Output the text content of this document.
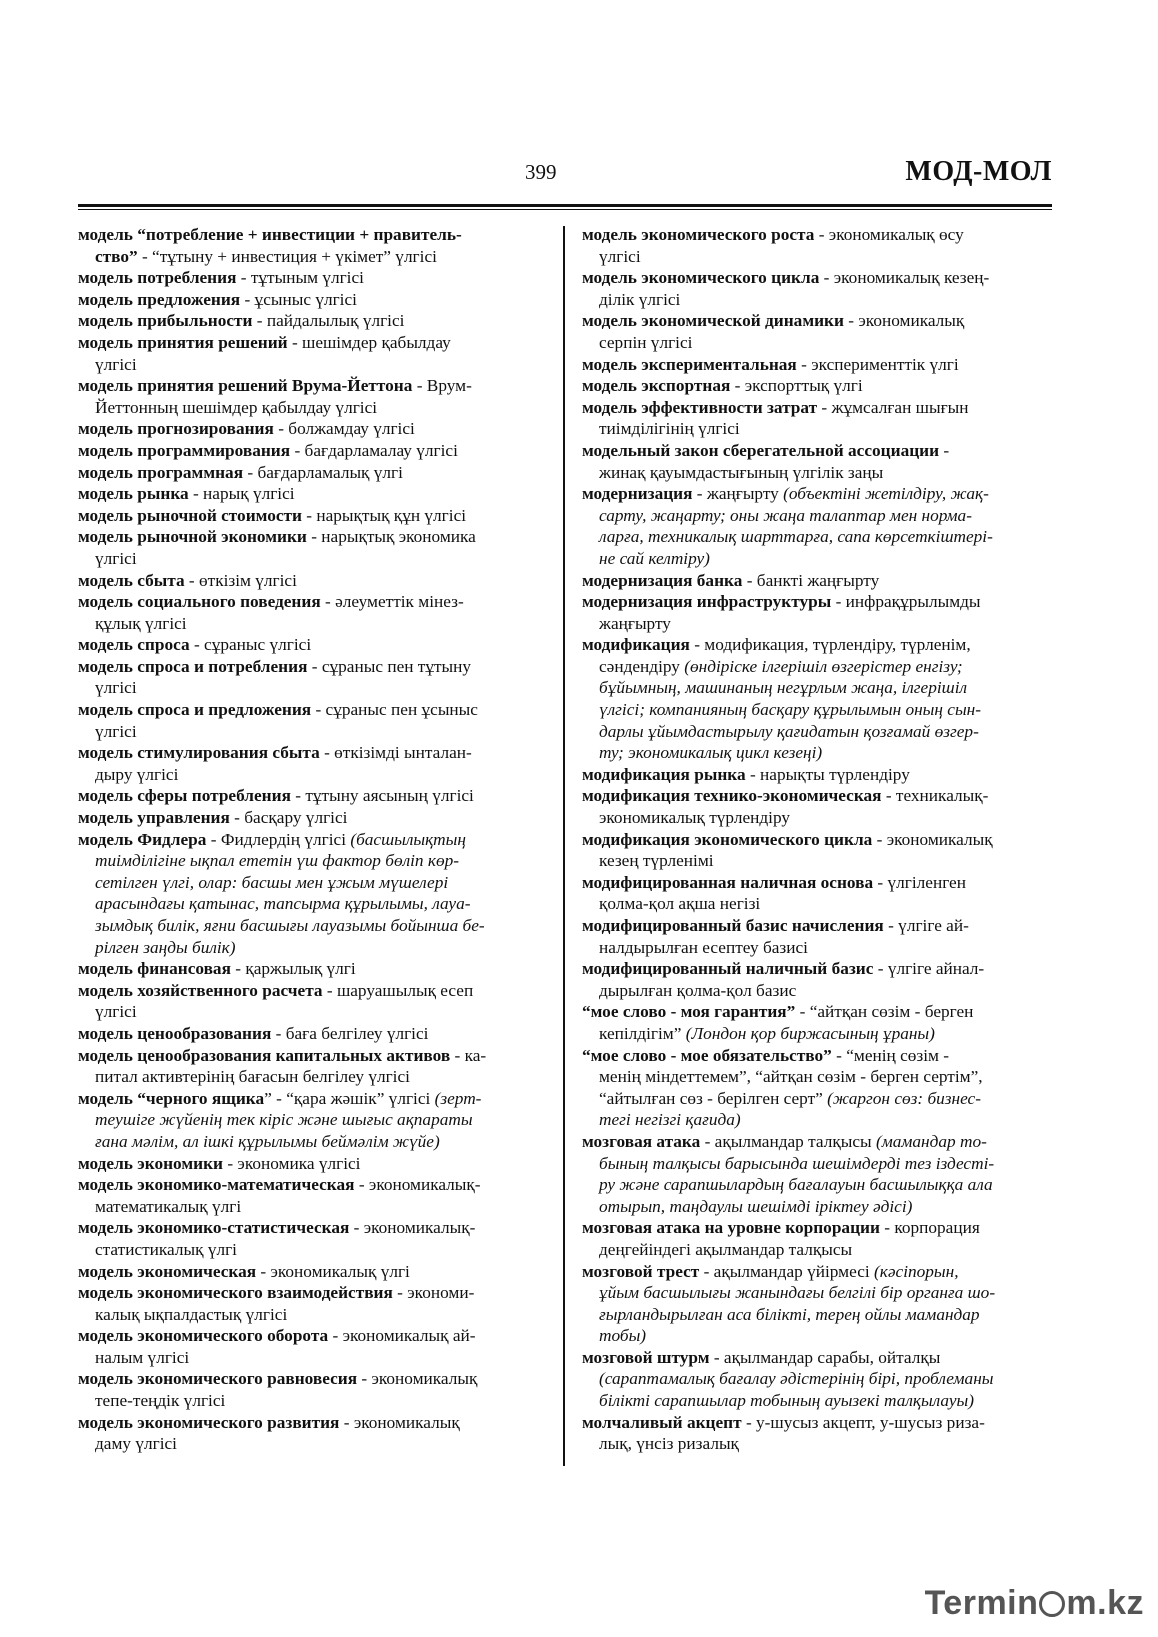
399	МОД-МОЛ
модель “потребление + инвестиции + правитель-
ство” - “тұтыну + инвестиция + үкімет” үлгісі
модель потребления - тұтыным үлгісі
модель предложения - ұсыныс үлгісі
модель прибыльности - пайдалылық үлгісі
модель принятия решений - шешімдер қабылдау
үлгісі
модель принятия решений Врума-Йеттона - Врум-
Йеттонның шешімдер қабылдау үлгісі
модель прогнозирования - болжамдау үлгісі
модель программирования - бағдарламалау үлгісі
модель программная - бағдарламалық үлгі
модель рынка - нарық үлгісі
модель рыночной стоимости - нарықтық құн үлгісі
модель рыночной экономики - нарықтық экономика
үлгісі
модель сбыта - өткізім үлгісі
модель социального поведения - әлеуметтік мінез-
құлық үлгісі
модель спроса - сұраныс үлгісі
модель спроса и потребления - сұраныс пен тұтыну
үлгісі
модель спроса и предложения - сұраныс пен ұсыныс
үлгісі
модель стимулирования сбыта - өткізімді ынталан-
дыру үлгісі
модель сферы потребления - тұтыну аясының үлгісі
модель управления - басқару үлгісі
модель Фидлера - Фидлердің үлгісі (басшылықтың
тиімділігіне ықпал ететін үш фактор бөліп көр-
сетілген үлгі, олар: басшы мен ұжым мүшелері
арасындағы қатынас, тапсырма құрылымы, лауа-
зымдық билік, яғни басшығы лауазымы бойынша бе-
рілген заңды билік)
модель финансовая - қаржылық үлгі
модель хозяйственного расчета - шаруашылық есеп
үлгісі
модель ценообразования - баға белгілеу үлгісі
модель ценообразования капитальных активов - ка-
питал активтерінің бағасын белгілеу үлгісі
модель “черного ящика” - “қара жәшік” үлгісі (зерт-
теушіге жүйенің тек кіріс және шығыс ақпараты
ғана мәлім, ал ішкі құрылымы беймәлім жүйе)
модель экономики - экономика үлгісі
модель экономико-математическая - экономикалық-
математикалық үлгі
модель экономико-статистическая - экономикалық-
статистикалық үлгі
модель экономическая - экономикалық үлгі
модель экономического взаимодействия - экономи-
калық ықпалдастық үлгісі
модель экономического оборота - экономикалық ай-
налым үлгісі
модель экономического равновесия - экономикалық
тепе-теңдік үлгісі
модель экономического развития - экономикалық
даму үлгісі
модель экономического роста - экономикалық өсу
үлгісі
модель экономического цикла - экономикалық кезең-
ділік үлгісі
модель экономической динамики - экономикалық
серпін үлгісі
модель экспериментальная - эксперименттік үлгі
модель экспортная - экспорттық үлгі
модель эффективности затрат - жұмсалған шығын
тиімділігінің үлгісі
модельный закон сберегательной ассоциации -
жинақ қауымдастығының үлгілік заңы
модернизация - жаңғырту (объектіні жетілдіру, жақ-
сарту, жаңарту; оны жаңа талаптар мен норма-
ларға, техникалық шарттарға, сапа көрсеткіштері-
не сай келтіру)
модернизация банка - банкті жаңғырту
модернизация инфраструктуры - инфрақұрылымды
жаңғырту
модификация - модификация, түрлендіру, түрленім,
сәндендіру (өндіріске ілгерішіл өзгерістер енгізу;
бұйымның, машинаның негұрлым жаңа, ілгерішіл
үлгісі; компанияның басқару құрылымын оның сын-
дарлы ұйымдастырылу қағидатын қозғамай өзгер-
ту; экономикалық цикл кезеңі)
модификация рынка - нарықты түрлендіру
модификация технико-экономическая - техникалық-
экономикалық түрлендіру
модификация экономического цикла - экономикалық
кезең түрленімі
модифицированная наличная основа - үлгіленген
қолма-қол ақша негізі
модифицированный базис начисления - үлгіге ай-
налдырылған есептеу базисі
модифицированный наличный базис - үлгіге айнал-
дырылған қолма-қол базис
“мое слово - моя гарантия” - “айтқан сөзім - берген
кепілдігім” (Лондон қор биржасының ұраны)
“мое слово - мое обязательство” - “менің сөзім -
менің міндеттемем”, “айтқан сөзім - берген сертім”,
“айтылған сөз - берілген серт” (жаргон сөз: бизнес-
тегі негізгі қағида)
мозговая атака - ақылмандар талқысы (мамандар то-
бының талқысы барысында шешімдерді тез іздесті-
ру және сарапшылардың бағалауын басшылыққа ала
отырып, таңдаулы шешімді іріктеу әдісі)
мозговая атака на уровне корпорации - корпорация
деңгейіндегі ақылмандар талқысы
мозговой трест - ақылмандар үйірмесі (кәсіпорын,
ұйым басшылығы жанындағы белгілі бір органға шо-
ғырландырылған аса білікті, терең ойлы мамандар
тобы)
мозговой штурм - ақылмандар сарабы, ойталқы
(сараптамалық бағалау әдістерінің бірі, проблеманы
білікті сарапшылар тобының ауызекі талқылауы)
молчаливый акцепт - у-шусыз акцепт, у-шусыз риза-
лық, үнсіз ризалық
Termin m.kz
